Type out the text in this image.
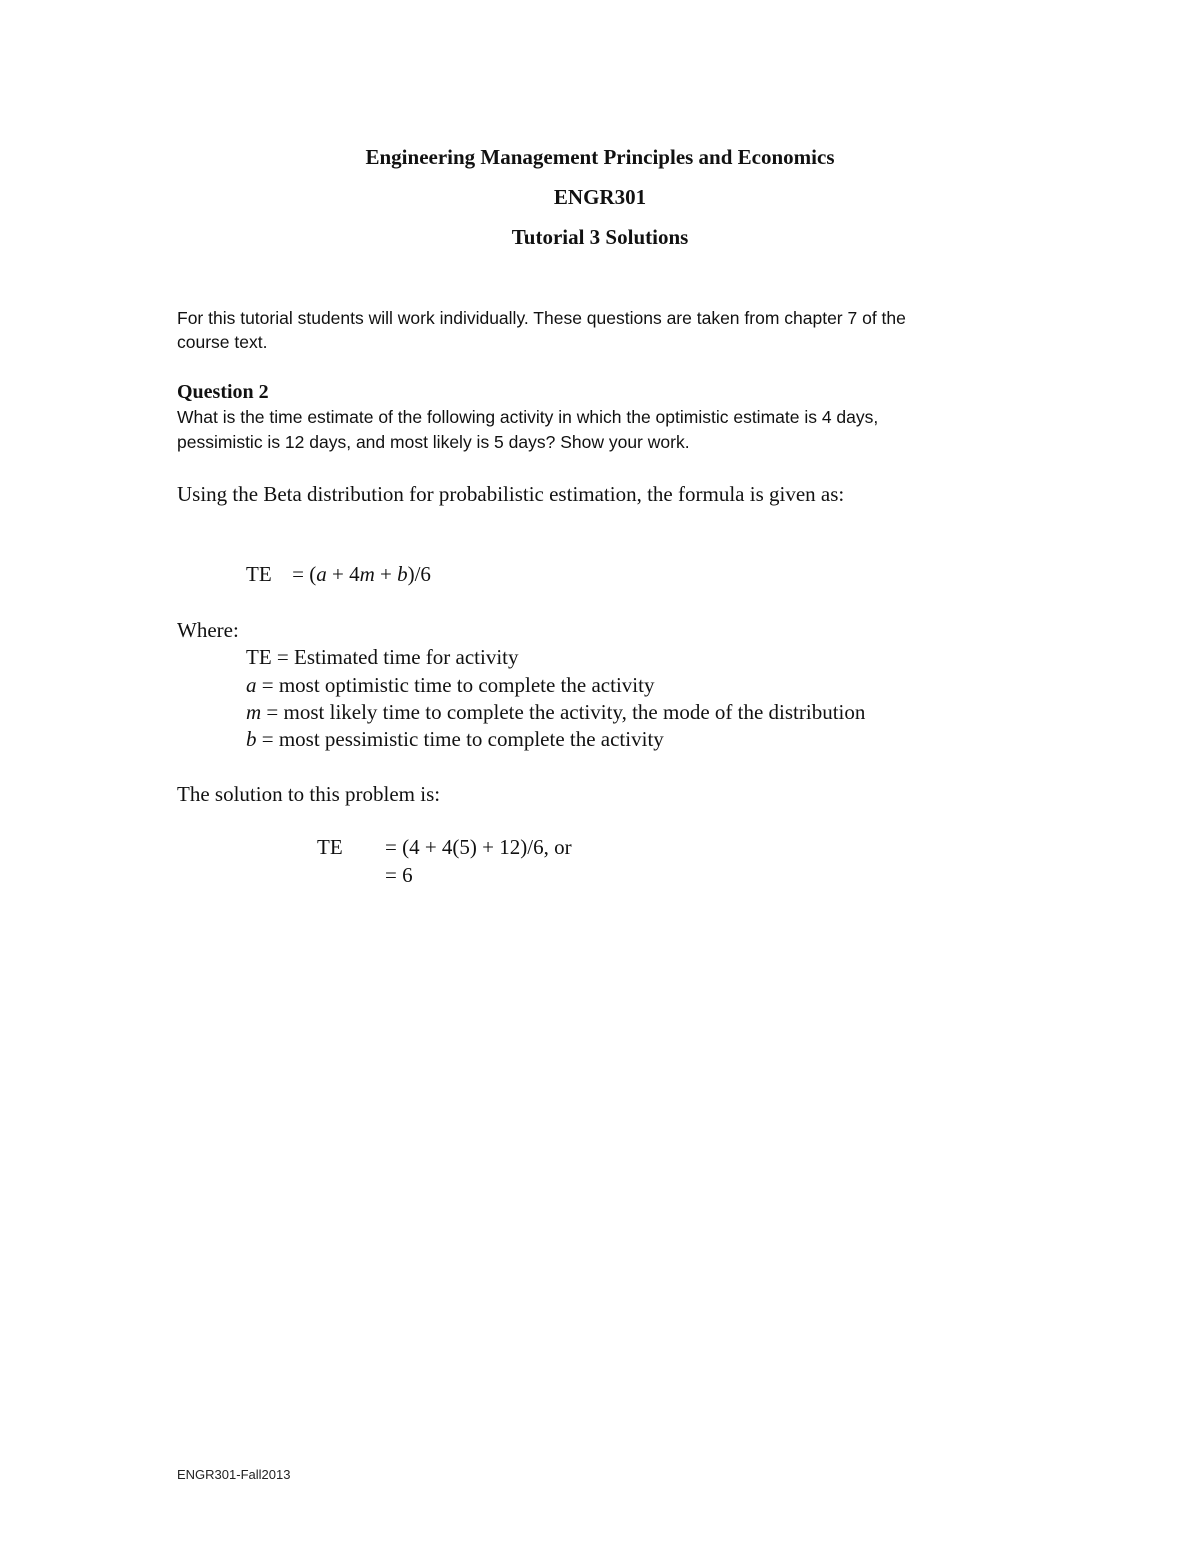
Engineering Management Principles and Economics
ENGR301
Tutorial 3 Solutions
For this tutorial students will work individually. These questions are taken from chapter 7 of the
course text.
Question 2
What is the time estimate of the following activity in which the optimistic estimate is 4 days,
pessimistic is 12 days, and most likely is 5 days? Show your work.
Using the Beta distribution for probabilistic estimation, the formula is given as:
TE = (a + 4m + b)/6
Where:
TE = Estimated time for activity
a = most optimistic time to complete the activity
m = most likely time to complete the activity, the mode of the distribution
b = most pessimistic time to complete the activity
The solution to this problem is:
TE = (4 + 4(5) + 12)/6, or
= 6
ENGR301-Fall2013
